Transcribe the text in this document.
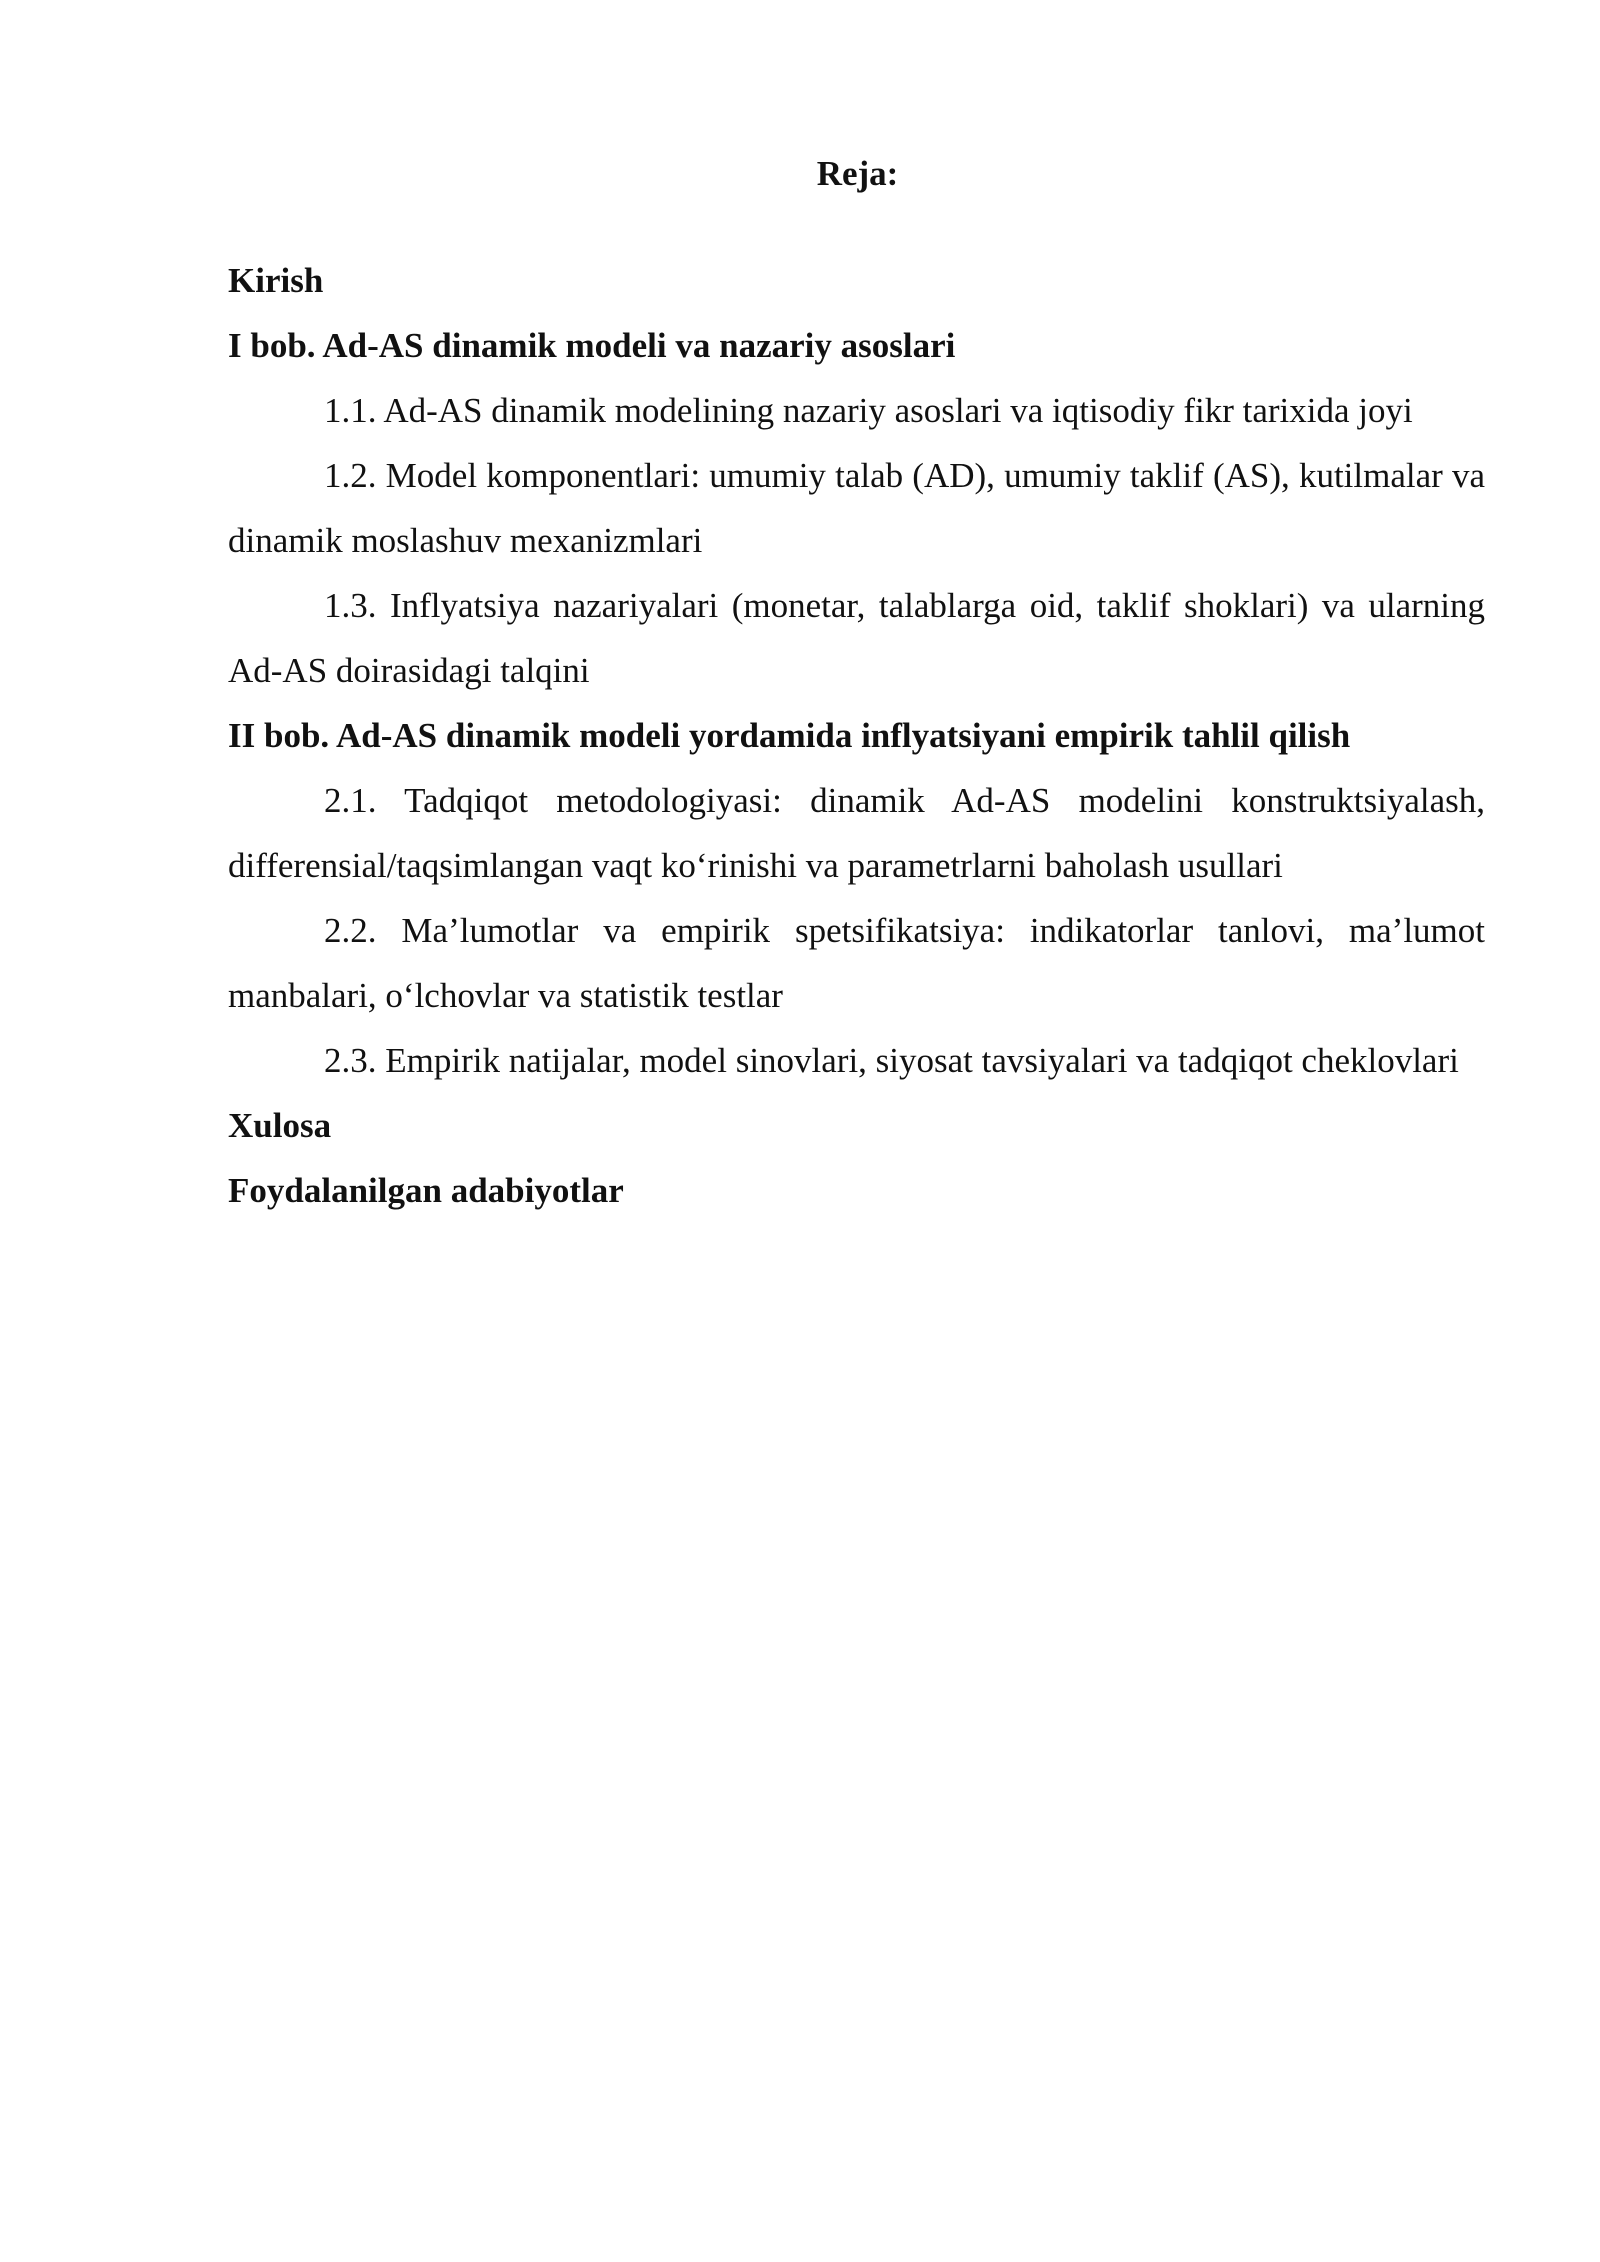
Reja:

Kirish

I bob. Ad-AS dinamik modeli va nazariy asoslari

1.1. Ad-AS dinamik modelining nazariy asoslari va iqtisodiy fikr tarixida joyi

1.2. Model komponentlari: umumiy talab (AD), umumiy taklif (AS), kutilmalar va dinamik moslashuv mexanizmlari

1.3. Inflyatsiya nazariyalari (monetar, talablarga oid, taklif shoklari) va ularning Ad-AS doirasidagi talqini

II bob. Ad-AS dinamik modeli yordamida inflyatsiyani empirik tahlil qilish

2.1. Tadqiqot metodologiyasi: dinamik Ad-AS modelini konstruktsiyalash, differensial/taqsimlangan vaqt ko‘rinishi va parametrlarni baholash usullari

2.2. Ma’lumotlar va empirik spetsifikatsiya: indikatorlar tanlovi, ma’lumot manbalari, o‘lchovlar va statistik testlar

2.3. Empirik natijalar, model sinovlari, siyosat tavsiyalari va tadqiqot cheklovlari

Xulosa

Foydalanilgan adabiyotlar
